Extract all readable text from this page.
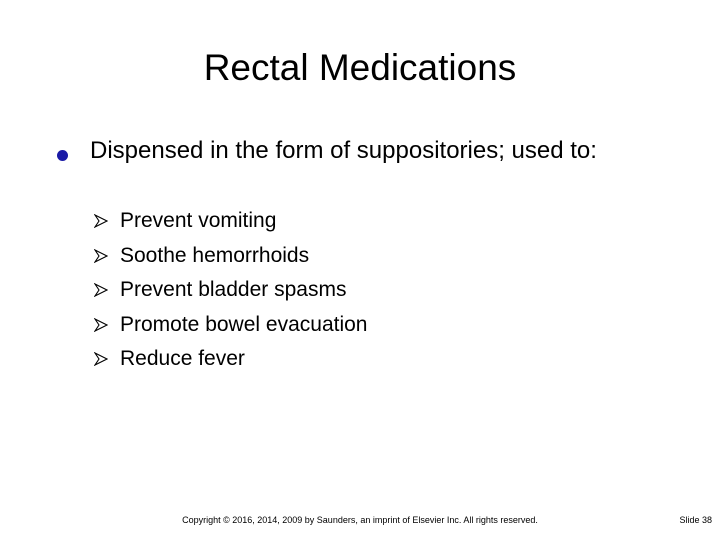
Rectal Medications
Dispensed in the form of suppositories; used to:
Prevent vomiting
Soothe hemorrhoids
Prevent bladder spasms
Promote bowel evacuation
Reduce fever
Copyright © 2016, 2014, 2009 by Saunders, an imprint of Elsevier Inc. All rights reserved.	Slide 38
